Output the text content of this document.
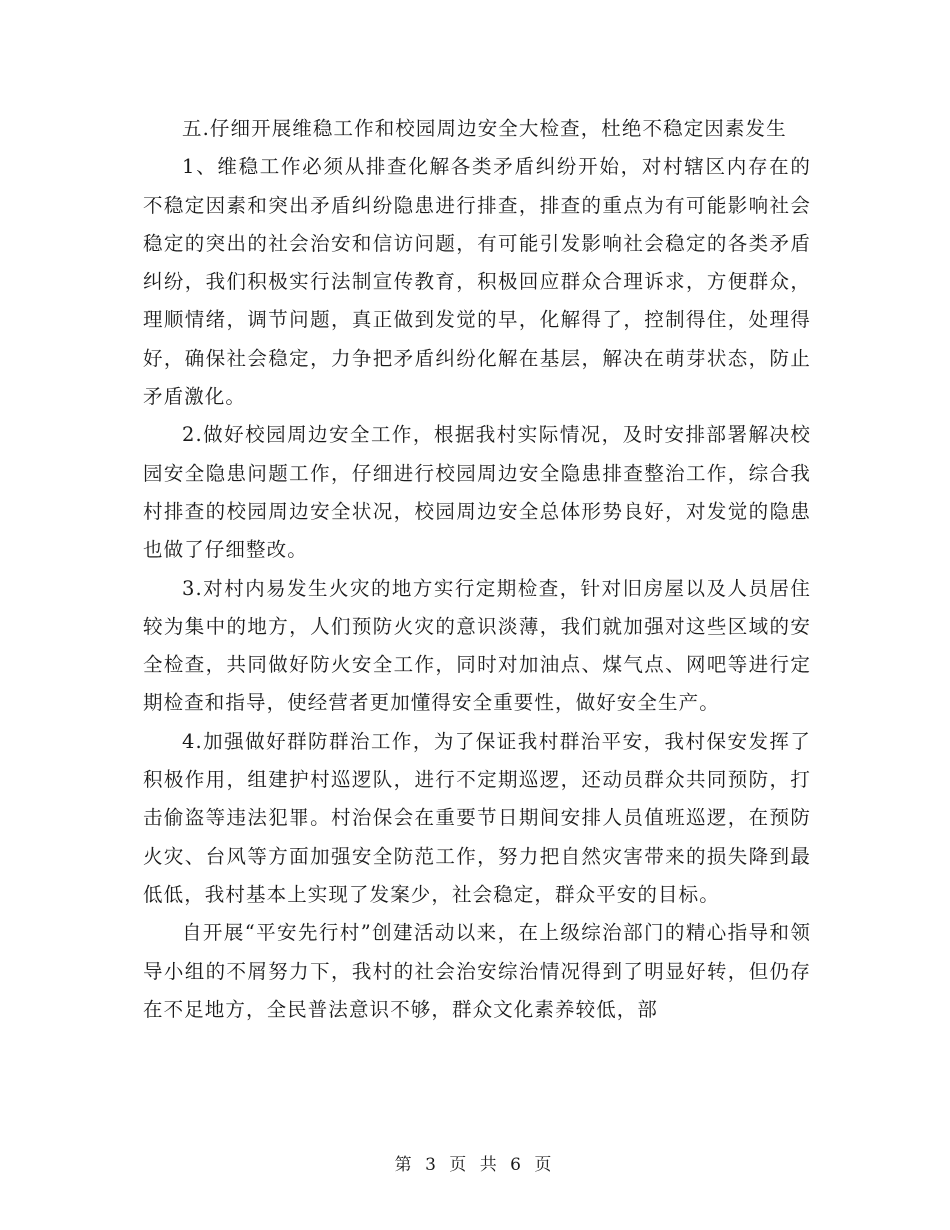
五.仔细开展维稳工作和校园周边安全大检查，杜绝不稳定因素发生

1、维稳工作必须从排查化解各类矛盾纠纷开始，对村辖区内存在的不稳定因素和突出矛盾纠纷隐患进行排查，排查的重点为有可能影响社会稳定的突出的社会治安和信访问题，有可能引发影响社会稳定的各类矛盾纠纷，我们积极实行法制宣传教育，积极回应群众合理诉求，方便群众，理顺情绪，调节问题，真正做到发觉的早，化解得了，控制得住，处理得好，确保社会稳定，力争把矛盾纠纷化解在基层，解决在萌芽状态，防止矛盾激化。

2.做好校园周边安全工作，根据我村实际情况，及时安排部署解决校园安全隐患问题工作，仔细进行校园周边安全隐患排查整治工作，综合我村排查的校园周边安全状况，校园周边安全总体形势良好，对发觉的隐患也做了仔细整改。

3.对村内易发生火灾的地方实行定期检查，针对旧房屋以及人员居住较为集中的地方，人们预防火灾的意识淡薄，我们就加强对这些区域的安全检查，共同做好防火安全工作，同时对加油点、煤气点、网吧等进行定期检查和指导，使经营者更加懂得安全重要性，做好安全生产。

4.加强做好群防群治工作，为了保证我村群治平安，我村保安发挥了积极作用，组建护村巡逻队，进行不定期巡逻，还动员群众共同预防，打击偷盗等违法犯罪。村治保会在重要节日期间安排人员值班巡逻，在预防火灾、台风等方面加强安全防范工作，努力把自然灾害带来的损失降到最低低，我村基本上实现了发案少，社会稳定，群众平安的目标。

自开展“平安先行村”创建活动以来，在上级综治部门的精心指导和领导小组的不屑努力下，我村的社会治安综治情况得到了明显好转，但仍存在不足地方，全民普法意识不够，群众文化素养较低，部

第 3 页 共 6 页
